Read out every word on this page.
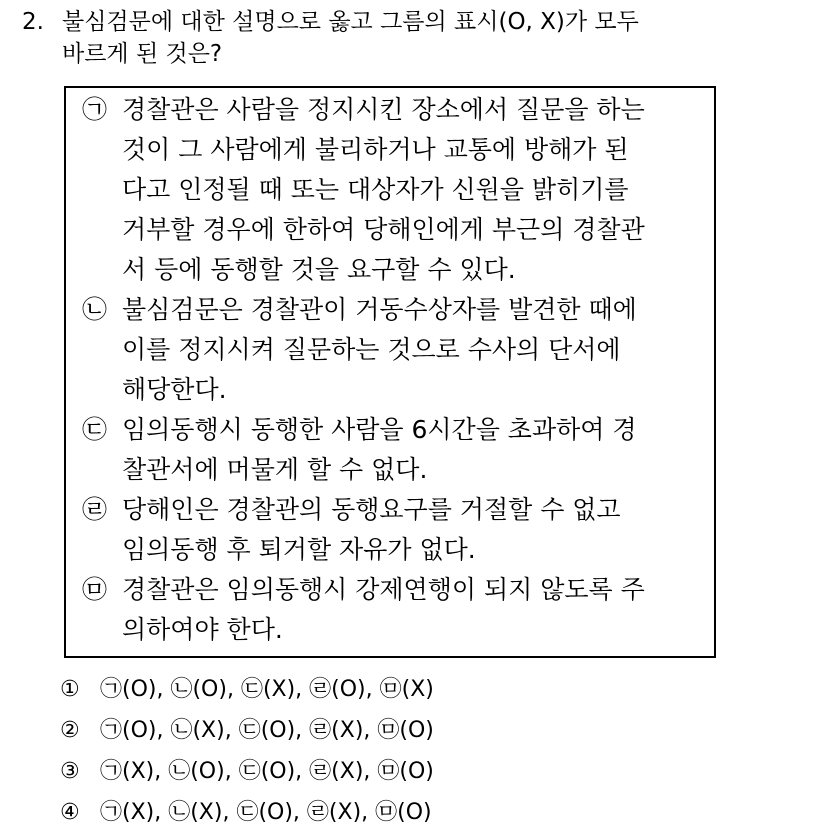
2. 불심검문에 대한 설명으로 옳고 그름의 표시(O, X)가 모두
바르게 된 것은?
㉠ 경찰관은 사람을 정지시킨 장소에서 질문을 하는
것이 그 사람에게 불리하거나 교통에 방해가 된
다고 인정될 때 또는 대상자가 신원을 밝히기를
거부할 경우에 한하여 당해인에게 부근의 경찰관
서 등에 동행할 것을 요구할 수 있다.
㉡ 불심검문은 경찰관이 거동수상자를 발견한 때에
이를 정지시켜 질문하는 것으로 수사의 단서에
해당한다.
㉢ 임의동행시 동행한 사람을 6시간을 초과하여 경
찰관서에 머물게 할 수 없다.
㉣ 당해인은 경찰관의 동행요구를 거절할 수 없고
임의동행 후 퇴거할 자유가 없다.
㉤ 경찰관은 임의동행시 강제연행이 되지 않도록 주
의하여야 한다.
① ㉠(O), ㉡(O), ㉢(X), ㉣(O), ㉤(X)
② ㉠(O), ㉡(X), ㉢(O), ㉣(X), ㉤(O)
③ ㉠(X), ㉡(O), ㉢(O), ㉣(X), ㉤(O)
④ ㉠(X), ㉡(X), ㉢(O), ㉣(X), ㉤(O)
